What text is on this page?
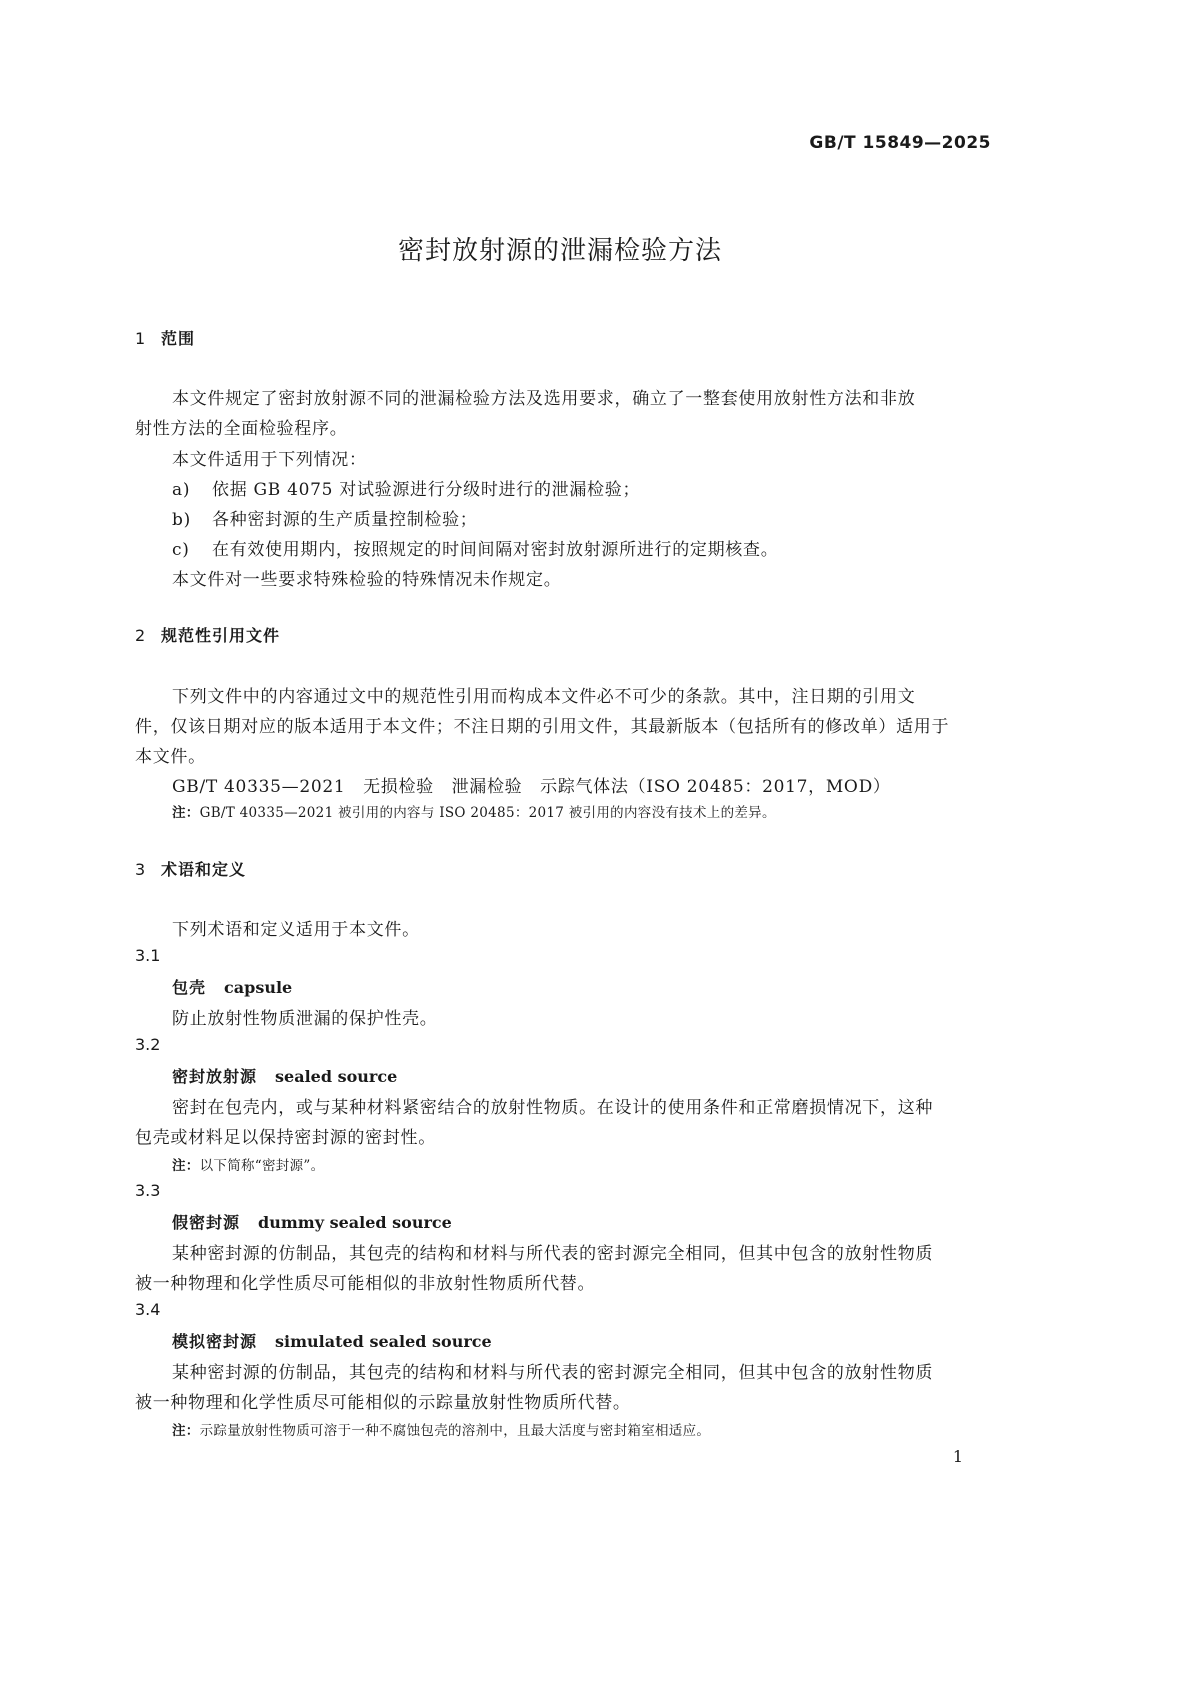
GB/T 15849—2025
密封放射源的泄漏检验方法
1 范围
本文件规定了密封放射源不同的泄漏检验方法及选用要求，确立了一整套使用放射性方法和非放
射性方法的全面检验程序。
本文件适用于下列情况：
a) 依据 GB 4075 对试验源进行分级时进行的泄漏检验；
b) 各种密封源的生产质量控制检验；
c) 在有效使用期内，按照规定的时间间隔对密封放射源所进行的定期核查。
本文件对一些要求特殊检验的特殊情况未作规定。
2 规范性引用文件
下列文件中的内容通过文中的规范性引用而构成本文件必不可少的条款。其中，注日期的引用文
件，仅该日期对应的版本适用于本文件；不注日期的引用文件，其最新版本（包括所有的修改单）适用于
本文件。
GB/T 40335—2021　无损检验　泄漏检验　示踪气体法（ISO 20485：2017，MOD）
注：GB/T 40335—2021 被引用的内容与 ISO 20485：2017 被引用的内容没有技术上的差异。
3 术语和定义
下列术语和定义适用于本文件。
3.1
包壳 capsule
防止放射性物质泄漏的保护性壳。
3.2
密封放射源 sealed source
密封在包壳内，或与某种材料紧密结合的放射性物质。在设计的使用条件和正常磨损情况下，这种
包壳或材料足以保持密封源的密封性。
注：以下简称“密封源”。
3.3
假密封源 dummy sealed source
某种密封源的仿制品，其包壳的结构和材料与所代表的密封源完全相同，但其中包含的放射性物质
被一种物理和化学性质尽可能相似的非放射性物质所代替。
3.4
模拟密封源 simulated sealed source
某种密封源的仿制品，其包壳的结构和材料与所代表的密封源完全相同，但其中包含的放射性物质
被一种物理和化学性质尽可能相似的示踪量放射性物质所代替。
注：示踪量放射性物质可溶于一种不腐蚀包壳的溶剂中，且最大活度与密封箱室相适应。
1
